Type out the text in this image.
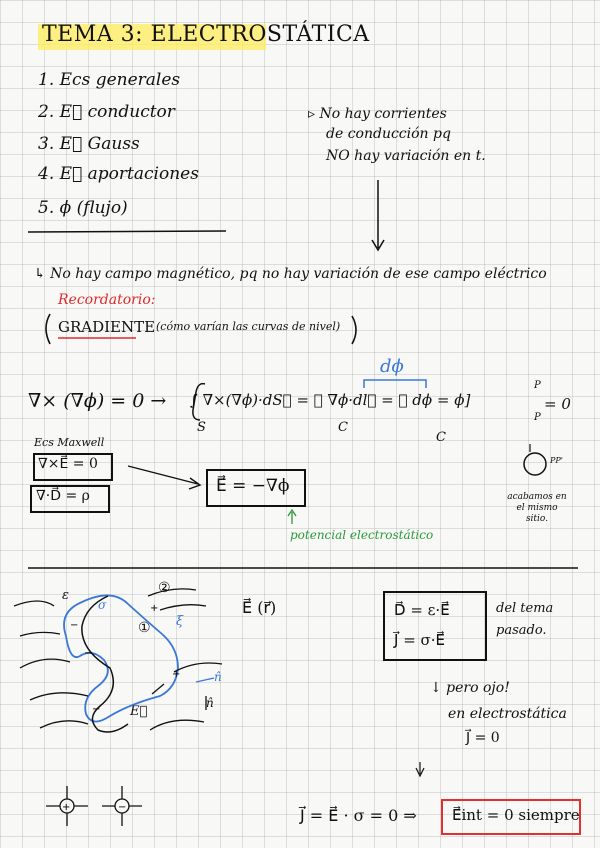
TEMA 3: ELECTROSTÁTICA
1. Ecs generales
2. E⃗ conductor
3. E⃗ Gauss
4. E⃗ aportaciones
5. ϕ (flujo)
▹ No hay corrientes
de conducción pq
NO hay variación en t.
↳ No hay campo magnético, pq no hay variación de ese campo eléctrico
Recordatorio:
GRADIENTE (cómo varían las curvas de nivel)
∇× (∇ϕ) = 0 → ∫ ∇×(∇ϕ)·dS⃗ = ∮ ∇ϕ·dl⃗ = ∮ dϕ = ϕ]
P
P
= 0
S	C
C
dϕ
Ecs Maxwell
∇×E⃗ = 0
∇·D⃗ = ρ	E⃗ = −∇ϕ
potencial electrostático
PP'
acabamos en el mismo sitio.
ε
σ
①
②
ξ
n̂
n̂
E⃗
E⃗ (r⃗)	D⃗ = ε·E⃗
J⃗ = σ·E⃗
del tema pasado.
↓ pero ojo!
en electrostática
J⃗ = 0
J⃗ = E⃗ · σ = 0 ⇒ E⃗int = 0 siempre
+
−
−
+
−
+	−
